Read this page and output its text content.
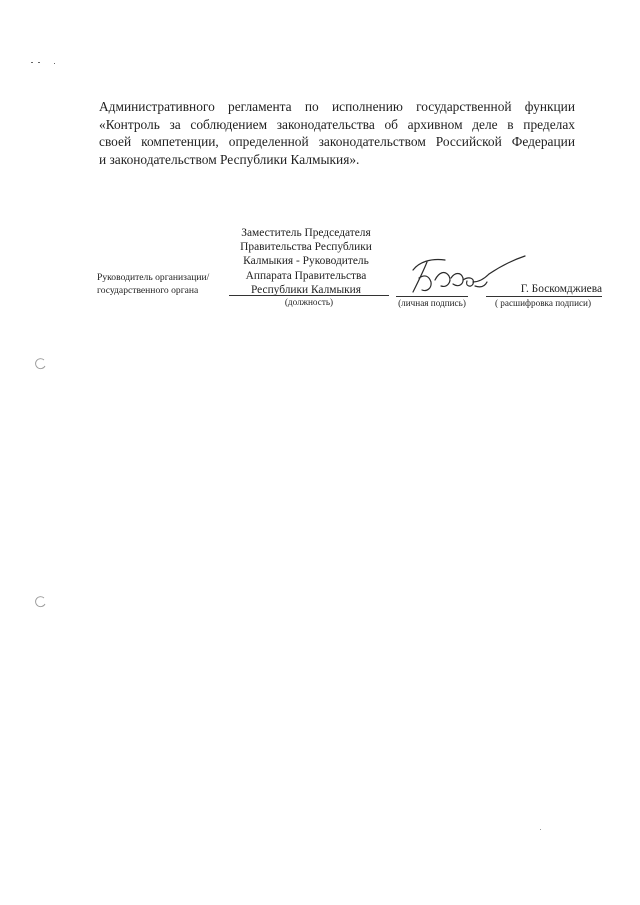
Административного регламента по исполнению государственной функции
«Контроль за соблюдением законодательства об архивном деле в пределах
своей компетенции, определенной законодательством Российской Федерации
и законодательством Республики Калмыкия».
Руководитель организации/
государственного органа
Заместитель Председателя
Правительства Республики
Калмыкия - Руководитель
Аппарата Правительства
Республики Калмыкия
(должность)	(личная подпись)
Г. Боскомджиева
( расшифровка подписи)
